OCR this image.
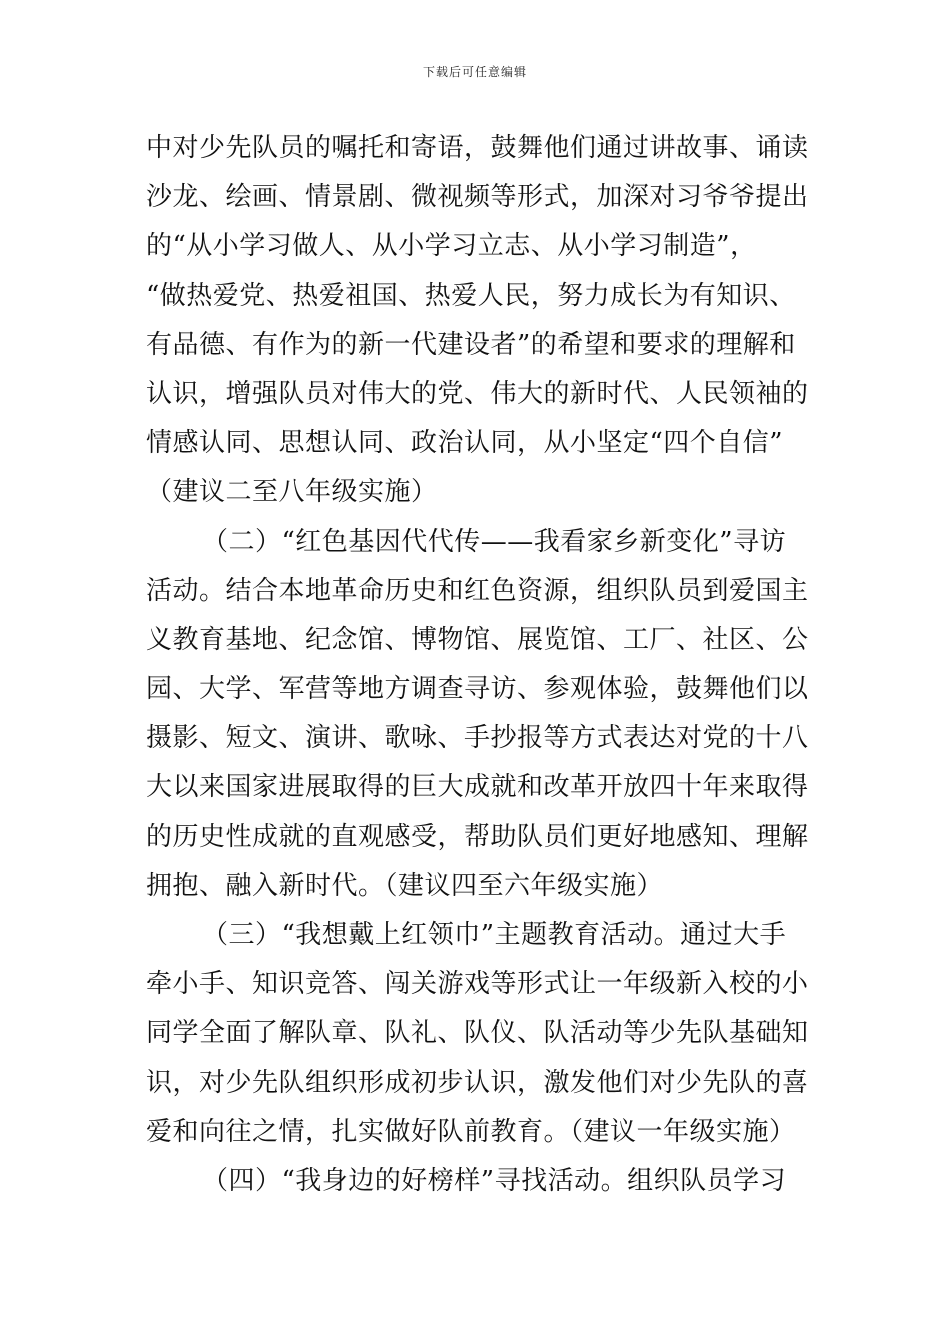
下载后可任意编辑
中对少先队员的嘱托和寄语，鼓舞他们通过讲故事、诵读
沙龙、绘画、情景剧、微视频等形式，加深对习爷爷提出
的“从小学习做人、从小学习立志、从小学习制造”，
“做热爱党、热爱祖国、热爱人民，努力成长为有知识、
有品德、有作为的新一代建设者”的希望和要求的理解和
认识，增强队员对伟大的党、伟大的新时代、人民领袖的
情感认同、思想认同、政治认同，从小坚定“四个自信”
（建议二至八年级实施）
（二）“红色基因代代传——我看家乡新变化”寻访
活动。结合本地革命历史和红色资源，组织队员到爱国主
义教育基地、纪念馆、博物馆、展览馆、工厂、社区、公
园、大学、军营等地方调查寻访、参观体验，鼓舞他们以
摄影、短文、演讲、歌咏、手抄报等方式表达对党的十八
大以来国家进展取得的巨大成就和改革开放四十年来取得
的历史性成就的直观感受，帮助队员们更好地感知、理解
拥抱、融入新时代。（建议四至六年级实施）
（三）“我想戴上红领巾”主题教育活动。通过大手
牵小手、知识竞答、闯关游戏等形式让一年级新入校的小
同学全面了解队章、队礼、队仪、队活动等少先队基础知
识，对少先队组织形成初步认识，激发他们对少先队的喜
爱和向往之情，扎实做好队前教育。（建议一年级实施）
（四）“我身边的好榜样”寻找活动。组织队员学习
